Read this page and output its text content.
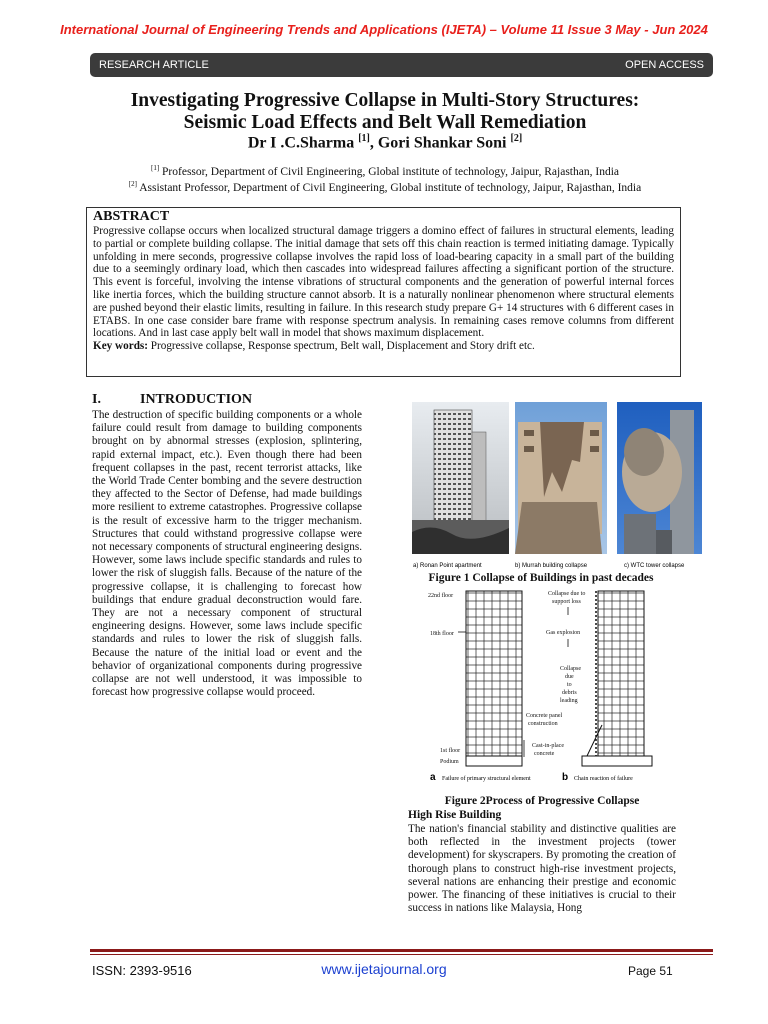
International Journal of Engineering Trends and Applications (IJETA) – Volume 11 Issue 3 May - Jun 2024
RESEARCH ARTICLE	OPEN ACCESS
Investigating Progressive Collapse in Multi-Story Structures:
Seismic Load Effects and Belt Wall Remediation
Dr I .C.Sharma [1], Gori Shankar Soni [2]
[1] Professor, Department of Civil Engineering, Global institute of technology, Jaipur, Rajasthan, India
[2] Assistant Professor, Department of Civil Engineering, Global institute of technology, Jaipur, Rajasthan, India
ABSTRACT
Progressive collapse occurs when localized structural damage triggers a domino effect of failures in structural elements, leading to partial or complete building collapse. The initial damage that sets off this chain reaction is termed initiating damage. Typically unfolding in mere seconds, progressive collapse involves the rapid loss of load-bearing capacity in a small part of the building due to a seemingly ordinary load, which then cascades into widespread failures affecting a significant portion of the structure. This event is forceful, involving the intense vibrations of structural components and the generation of powerful internal forces like inertia forces, which the building structure cannot absorb. It is a naturally nonlinear phenomenon where structural elements are pushed beyond their elastic limits, resulting in failure. In this research study prepare G+ 14 structures with 6 different cases in ETABS. In one case consider bare frame with response spectrum analysis. In remaining cases remove columns from different locations. And in last case apply belt wall in model that shows maximum displacement.
Key words: Progressive collapse, Response spectrum, Belt wall, Displacement and Story drift etc.
I.	INTRODUCTION
The destruction of specific building components or a whole failure could result from damage to building components brought on by abnormal stresses (explosion, splintering, rapid external impact, etc.). Even though there had been frequent collapses in the past, recent terrorist attacks, like the World Trade Center bombing and the severe destruction they affected to the Sector of Defense, had made buildings more resilient to extreme catastrophes. Progressive collapse is the result of excessive harm to the trigger mechanism. Structures that could withstand progressive collapse were not necessary components of structural engineering designs. However, some laws include specific standards and rules to lower the risk of sluggish falls. Because of the nature of the progressive collapse, it is challenging to forecast how buildings that endure gradual deconstruction would fare. They are not a necessary component of structural engineering designs. However, some laws include specific standards and rules to lower the risk of sluggish falls. Because the nature of the initial load or event and the behavior of organizational components during progressive collapse are not well understood, it was impossible to forecast how progressive collapse would proceed.
a) Ronan Point apartment	b) Murrah building collapse	c) WTC tower collapse
Figure 1 Collapse of Buildings in past decades
22nd floor
18th floor
1st floor
Podium
Collapse due to
support loss
Gas explosion
Collapse
due
to
debris
leading
Concrete panel
construction
Cast-in-place
concrete
a Failure of primary structural element	b Chain reaction of failure
Figure 2Process of Progressive Collapse
High Rise Building
The nation's financial stability and distinctive qualities are both reflected in the investment projects (tower development) for skyscrapers. By promoting the creation of thorough plans to construct high-rise investment projects, several nations are enhancing their prestige and economic power. The financing of these initiatives is crucial to their success in nations like Malaysia, Hong
ISSN: 2393-9516	www.ijetajournal.org	Page 51
